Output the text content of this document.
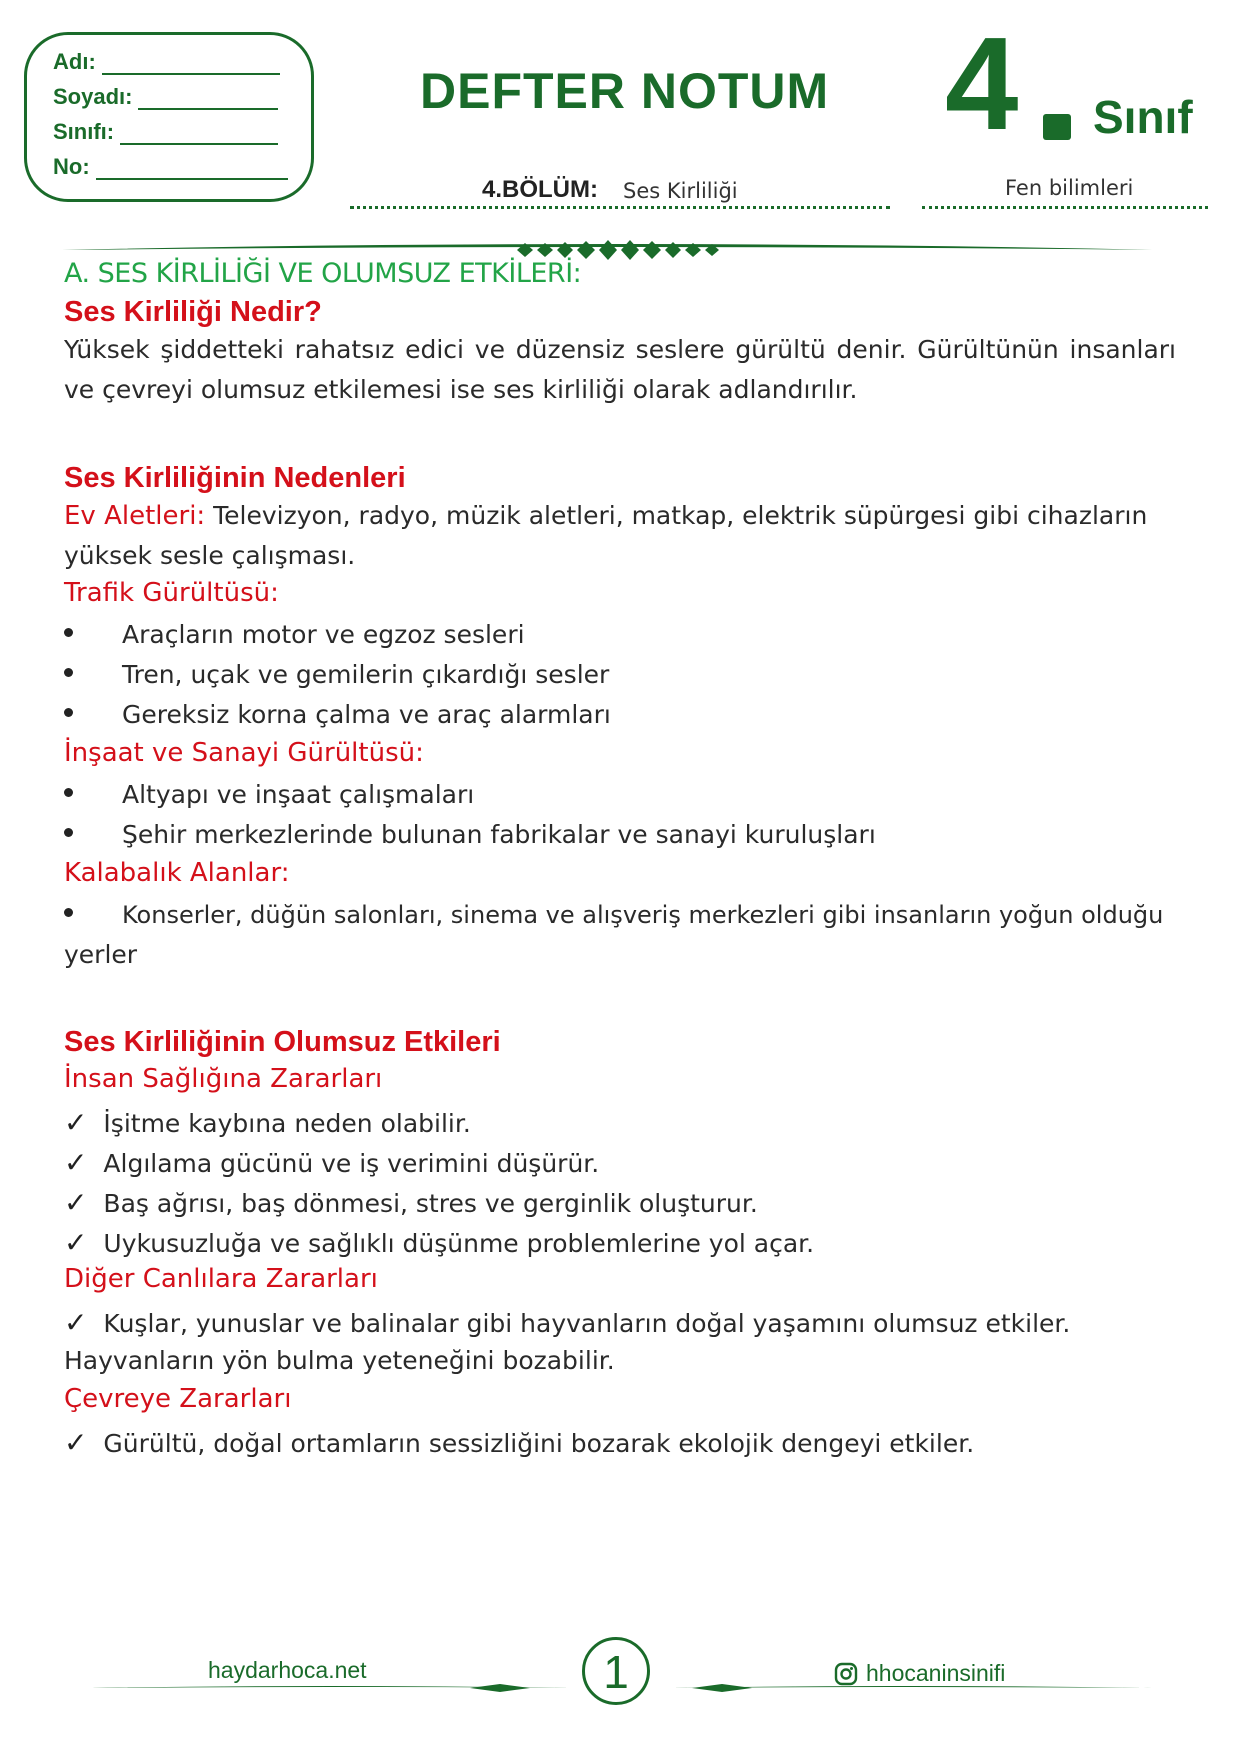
Adı:
Soyadı:
Sınıfı:
No:
DEFTER NOTUM 4 Sınıf
4.BÖLÜM: Ses Kirliliği	Fen bilimleri
A. SES KİRLİLİĞİ VE OLUMSUZ ETKİLERİ:
Ses Kirliliği Nedir?
Yüksek şiddetteki rahatsız edici ve düzensiz seslere gürültü denir. Gürültünün insanları ve çevreyi olumsuz etkilemesi ise ses kirliliği olarak adlandırılır.
Ses Kirliliğinin Nedenleri
Ev Aletleri: Televizyon, radyo, müzik aletleri, matkap, elektrik süpürgesi gibi cihazların yüksek sesle çalışması.
Trafik Gürültüsü:
Araçların motor ve egzoz sesleri
Tren, uçak ve gemilerin çıkardığı sesler
Gereksiz korna çalma ve araç alarmları
İnşaat ve Sanayi Gürültüsü:
Altyapı ve inşaat çalışmaları
Şehir merkezlerinde bulunan fabrikalar ve sanayi kuruluşları
Kalabalık Alanlar:
Konserler, düğün salonları, sinema ve alışveriş merkezleri gibi insanların yoğun olduğu
yerler
Ses Kirliliğinin Olumsuz Etkileri
İnsan Sağlığına Zararları
✓ İşitme kaybına neden olabilir.
✓ Algılama gücünü ve iş verimini düşürür.
✓ Baş ağrısı, baş dönmesi, stres ve gerginlik oluşturur.
✓ Uykusuzluğa ve sağlıklı düşünme problemlerine yol açar.
Diğer Canlılara Zararları
✓ Kuşlar, yunuslar ve balinalar gibi hayvanların doğal yaşamını olumsuz etkiler.
Hayvanların yön bulma yeteneğini bozabilir.
Çevreye Zararları
✓ Gürültü, doğal ortamların sessizliğini bozarak ekolojik dengeyi etkiler.
haydarhoca.net	1	hhocaninsinifi
